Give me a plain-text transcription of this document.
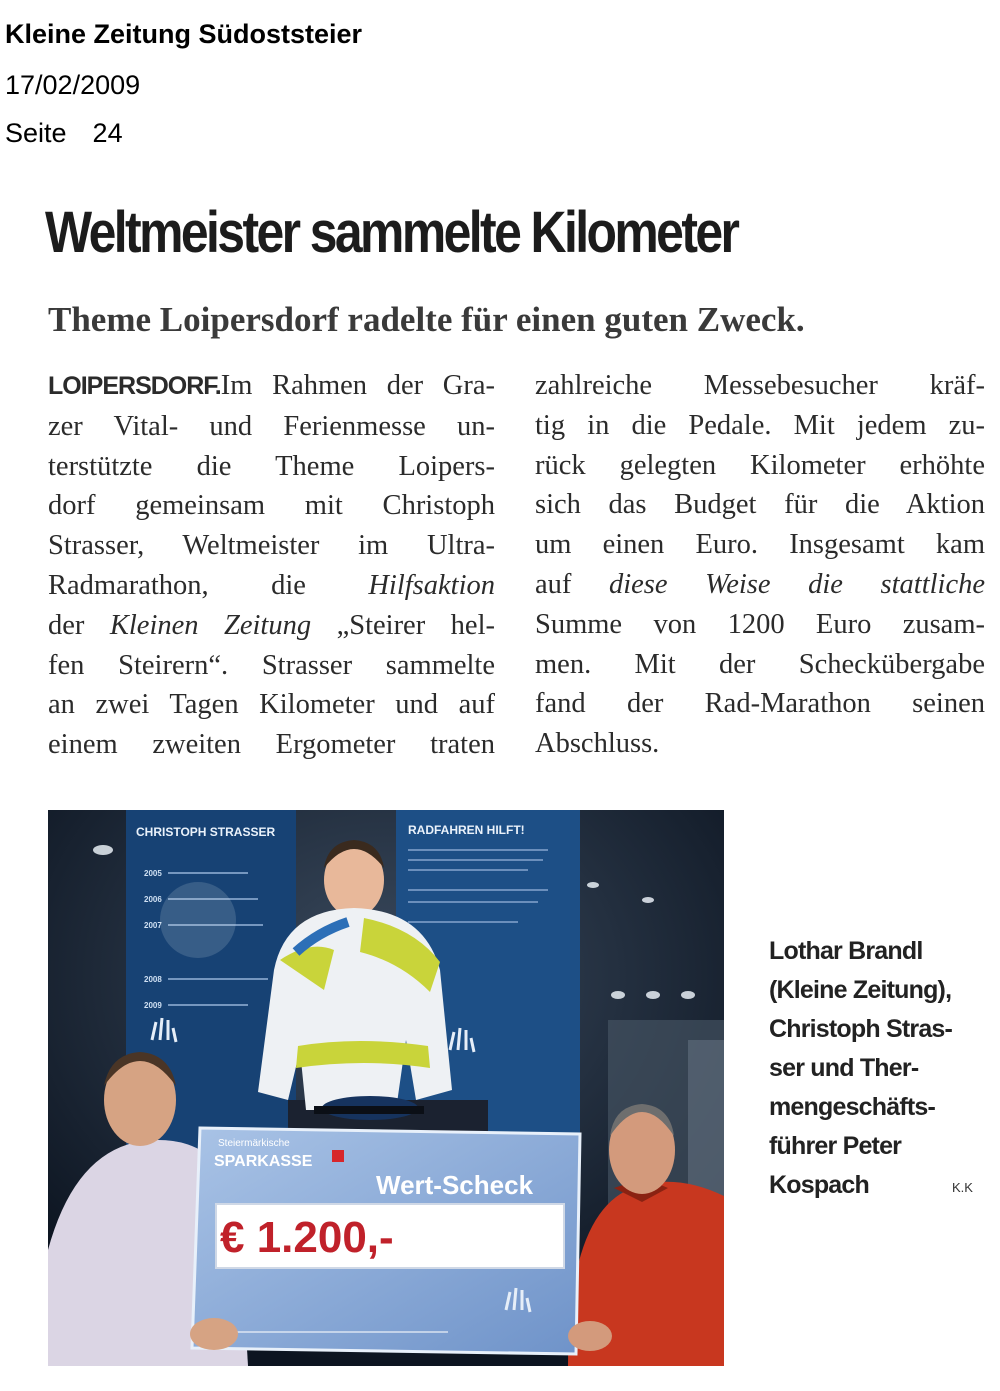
Kleine Zeitung Südoststeier

17/02/2009

Seite 24

Weltmeister sammelte Kilometer
Theme Loipersdorf radelte für einen guten Zweck.
LOIPERSDORF.Im Rahmen der Gra-
zer Vital- und Ferienmesse un-
terstützte die Theme Loipers-
dorf gemeinsam mit Christoph
Strasser, Weltmeister im Ultra-
Radmarathon, die Hilfsaktion
der Kleinen Zeitung „Steirer hel-
fen Steirern“. Strasser sammelte
an zwei Tagen Kilometer und auf
einem zweiten Ergometer traten
zahlreiche Messebesucher kräf-
tig in die Pedale. Mit jedem zu-
rück gelegten Kilometer erhöhte
sich das Budget für die Aktion
um einen Euro. Insgesamt kam
auf diese Weise die stattliche
Summe von 1200 Euro zusam-
men. Mit der Scheckübergabe
fand der Rad-Marathon seinen
Abschluss.
CHRISTOPH STRASSER
2005
2006
2007
2008
2009
RADFAHREN HILFT!
Steiermärkische
SPARKASSE
Wert-Scheck
€ 1.200,-
Lothar Brandl
(Kleine Zeitung),
Christoph Stras-
ser und Ther-
mengeschäfts-
führer Peter
Kospach	K.K
